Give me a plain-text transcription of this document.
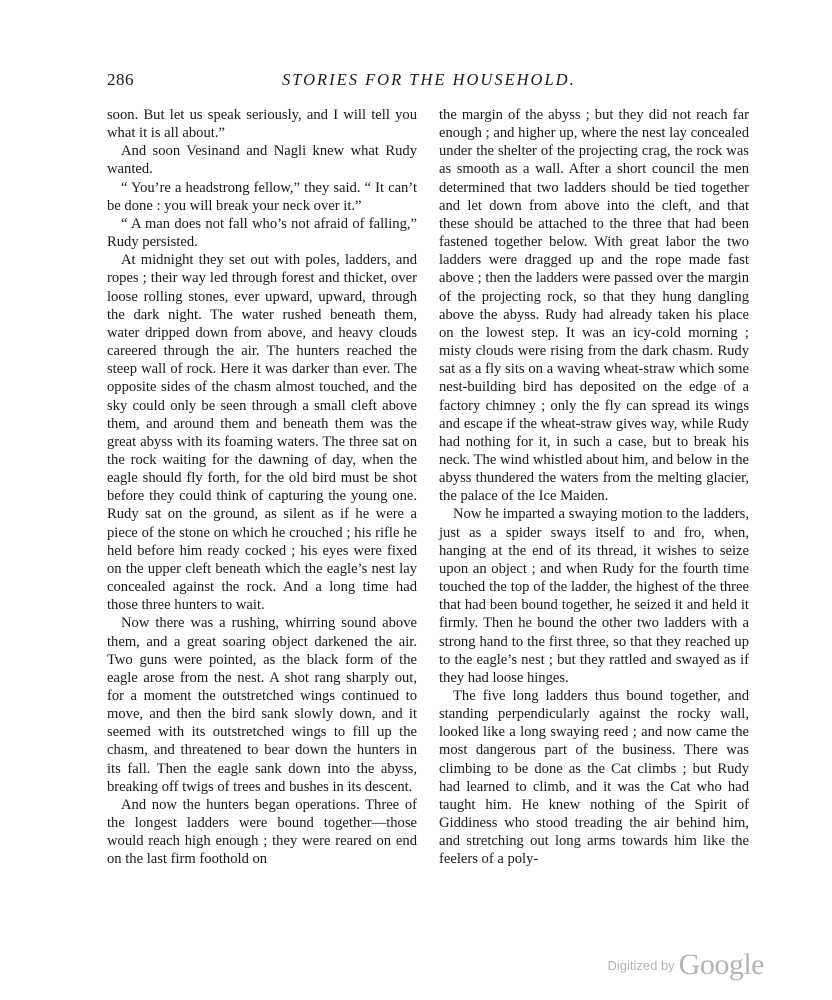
286	STORIES FOR THE HOUSEHOLD.

soon. But let us speak seriously, and I will tell you what it is all about.”

And soon Vesinand and Nagli knew what Rudy wanted.

“ You’re a headstrong fellow,” they said. “ It can’t be done : you will break your neck over it.”

“ A man does not fall who’s not afraid of falling,” Rudy persisted.

At midnight they set out with poles, ladders, and ropes ; their way led through forest and thicket, over loose rolling stones, ever upward, upward, through the dark night. The water rushed beneath them, water dripped down from above, and heavy clouds careered through the air. The hunters reached the steep wall of rock. Here it was darker than ever. The opposite sides of the chasm almost touched, and the sky could only be seen through a small cleft above them, and around them and beneath them was the great abyss with its foaming waters. The three sat on the rock waiting for the dawning of day, when the eagle should fly forth, for the old bird must be shot before they could think of capturing the young one. Rudy sat on the ground, as silent as if he were a piece of the stone on which he crouched ; his rifle he held before him ready cocked ; his eyes were fixed on the upper cleft beneath which the eagle’s nest lay concealed against the rock. And a long time had those three hunters to wait.

Now there was a rushing, whirring sound above them, and a great soaring object darkened the air. Two guns were pointed, as the black form of the eagle arose from the nest. A shot rang sharply out, for a moment the outstretched wings continued to move, and then the bird sank slowly down, and it seemed with its outstretched wings to fill up the chasm, and threatened to bear down the hunters in its fall. Then the eagle sank down into the abyss, breaking off twigs of trees and bushes in its descent.

And now the hunters began operations. Three of the longest ladders were bound together—those would reach high enough ; they were reared on end on the last firm foothold on

the margin of the abyss ; but they did not reach far enough ; and higher up, where the nest lay concealed under the shelter of the projecting crag, the rock was as smooth as a wall. After a short council the men determined that two ladders should be tied together and let down from above into the cleft, and that these should be attached to the three that had been fastened together below. With great labor the two ladders were dragged up and the rope made fast above ; then the ladders were passed over the margin of the projecting rock, so that they hung dangling above the abyss. Rudy had already taken his place on the lowest step. It was an icy-cold morning ; misty clouds were rising from the dark chasm. Rudy sat as a fly sits on a waving wheat-straw which some nest-building bird has deposited on the edge of a factory chimney ; only the fly can spread its wings and escape if the wheat-straw gives way, while Rudy had nothing for it, in such a case, but to break his neck. The wind whistled about him, and below in the abyss thundered the waters from the melting glacier, the palace of the Ice Maiden.

Now he imparted a swaying motion to the ladders, just as a spider sways itself to and fro, when, hanging at the end of its thread, it wishes to seize upon an object ; and when Rudy for the fourth time touched the top of the ladder, the highest of the three that had been bound together, he seized it and held it firmly. Then he bound the other two ladders with a strong hand to the first three, so that they reached up to the eagle’s nest ; but they rattled and swayed as if they had loose hinges.

The five long ladders thus bound together, and standing perpendicularly against the rocky wall, looked like a long swaying reed ; and now came the most dangerous part of the business. There was climbing to be done as the Cat climbs ; but Rudy had learned to climb, and it was the Cat who had taught him. He knew nothing of the Spirit of Giddiness who stood treading the air behind him, and stretching out long arms towards him like the feelers of a poly-

$^{Digitized by}$ Google
